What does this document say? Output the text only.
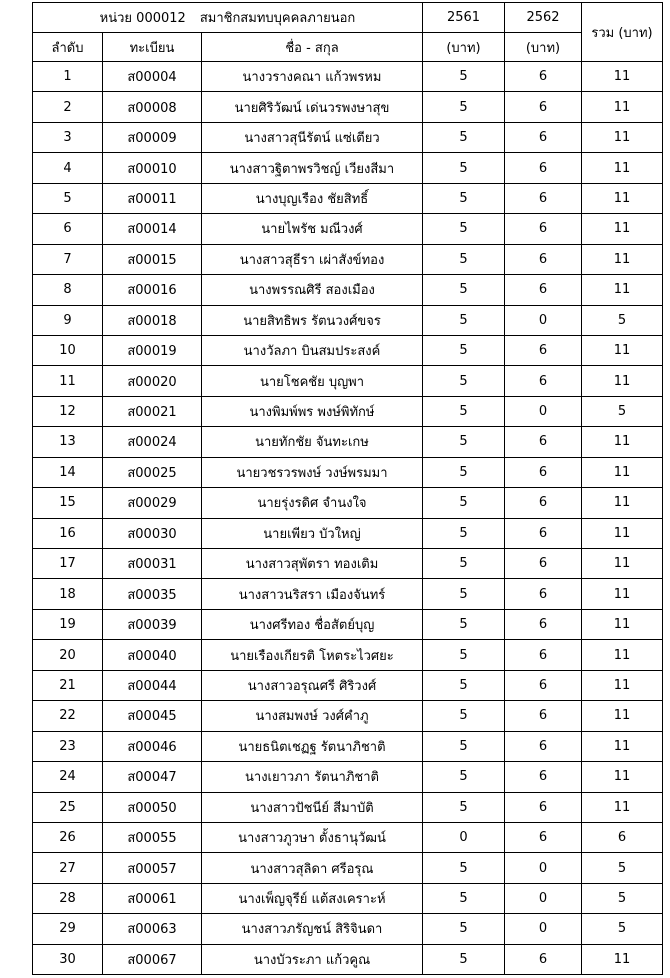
หน่วย 000012 สมาชิกสมทบบุคคลภายนอก			2561	2562	รวม (บาท)
ลำดับ	ทะเบียน	ชื่อ - สกุล	(บาท)	(บาท)	
1	ส00004	นางวรางคณา แก้วพรหม	5	6	11
2	ส00008	นายศิริวัฒน์ เด่นวรพงษาสุข	5	6	11
3	ส00009	นางสาวสุนีรัตน์ แซ่เตียว	5	6	11
4	ส00010	นางสาวฐิตาพรวิชญ์ เวียงสีมา	5	6	11
5	ส00011	นางบุญเรือง ชัยสิทธิ์	5	6	11
6	ส00014	นายไพรัช มณีวงศ์	5	6	11
7	ส00015	นางสาวสุธีรา เผ่าสังข์ทอง	5	6	11
8	ส00016	นางพรรณศิรี สองเมือง	5	6	11
9	ส00018	นายสิทธิพร รัตนวงศ์ขจร	5	0	5
10	ส00019	นางวัลภา บินสมประสงค์	5	6	11
11	ส00020	นายโชคชัย บุญพา	5	6	11
12	ส00021	นางพิมพ์พร พงษ์พิทักษ์	5	0	5
13	ส00024	นายทักชัย จันทะเกษ	5	6	11
14	ส00025	นายวชรวรพงษ์ วงษ์พรมมา	5	6	11
15	ส00029	นายรุ่งรดิศ จำนงใจ	5	6	11
16	ส00030	นายเพียว บัวใหญ่	5	6	11
17	ส00031	นางสาวสุพัตรา ทองเติม	5	6	11
18	ส00035	นางสาวนริสรา เมืองจันทร์	5	6	11
19	ส00039	นางศรีทอง ชื่อสัตย์บุญ	5	6	11
20	ส00040	นายเรืองเกียรติ โหตระไวศยะ	5	6	11
21	ส00044	นางสาวอรุณศรี ศิริวงศ์	5	6	11
22	ส00045	นางสมพงษ์ วงศ์คำภู	5	6	11
23	ส00046	นายธนิตเชฏฐ รัตนาภิชาติ	5	6	11
24	ส00047	นางเยาวภา รัตนาภิชาติ	5	6	11
25	ส00050	นางสาวปัชนีย์ สีมาบัติ	5	6	11
26	ส00055	นางสาวภูวษา ตั้งธานุวัฒน์	0	6	6
27	ส00057	นางสาวสุลิดา ศรีอรุณ	5	0	5
28	ส00061	นางเพ็ญจุรีย์ แต้สงเคราะห์	5	0	5
29	ส00063	นางสาวภรัญชน์ สิริจินดา	5	0	5
30	ส00067	นางบัวระภา แก้วคูณ	5	6	11
